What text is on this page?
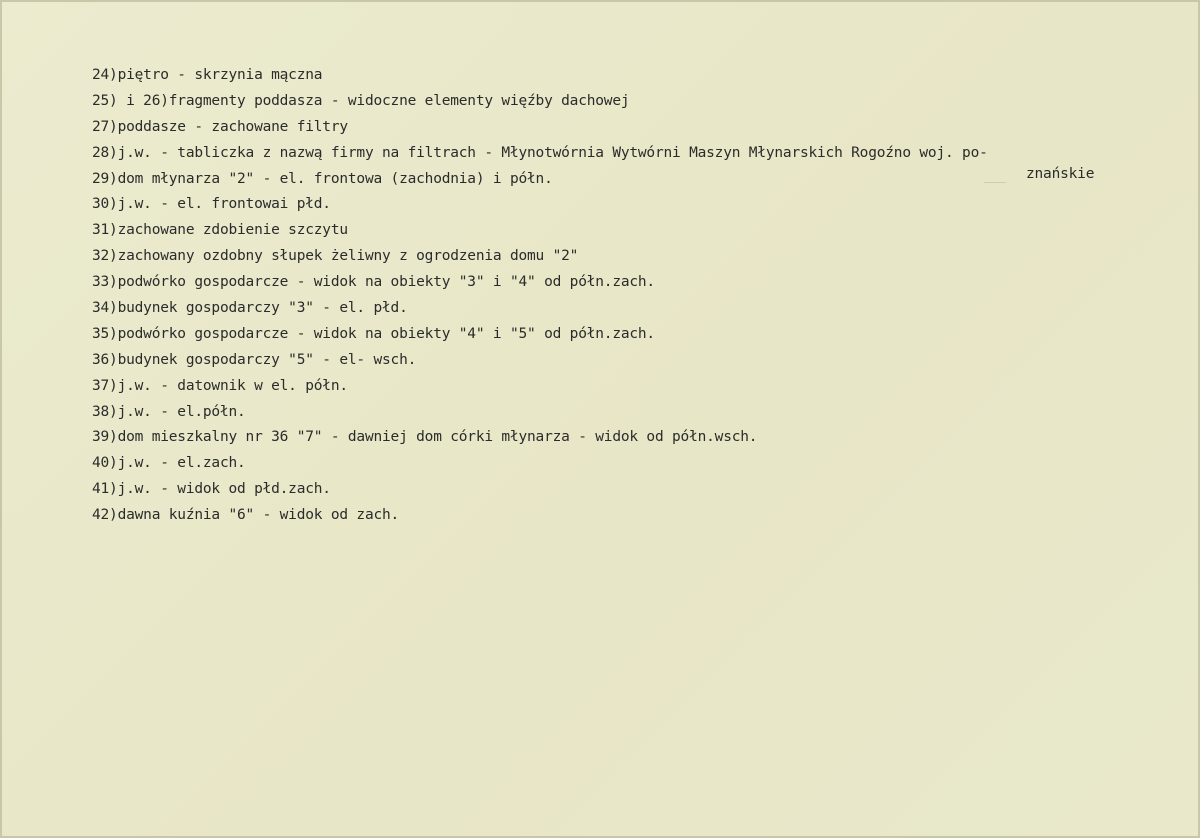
24)piętro - skrzynia mączna
25) i 26)fragmenty poddasza - widoczne elementy więźby dachowej
27)poddasze - zachowane filtry
28)j.w. - tabliczka z nazwą firmy na filtrach - Młynotwórnia Wytwórni Maszyn Młynarskich Rogoźno woj. po-
29)dom młynarza "2" - el. frontowa (zachodnia) i półn.
30)j.w. - el. frontowai płd.
31)zachowane zdobienie szczytu
32)zachowany ozdobny słupek żeliwny z ogrodzenia domu "2"
33)podwórko gospodarcze - widok na obiekty "3" i "4" od półn.zach.
34)budynek gospodarczy "3" - el. płd.
35)podwórko gospodarcze - widok na obiekty "4" i "5" od półn.zach.
36)budynek gospodarczy "5" - el- wsch.
37)j.w. - datownik w el. półn.
38)j.w. - el.półn.
39)dom mieszkalny nr 36 "7" - dawniej dom córki młynarza - widok od półn.wsch.
40)j.w. - el.zach.
41)j.w. - widok od płd.zach.
42)dawna kuźnia "6" - widok od zach.
znańskie
